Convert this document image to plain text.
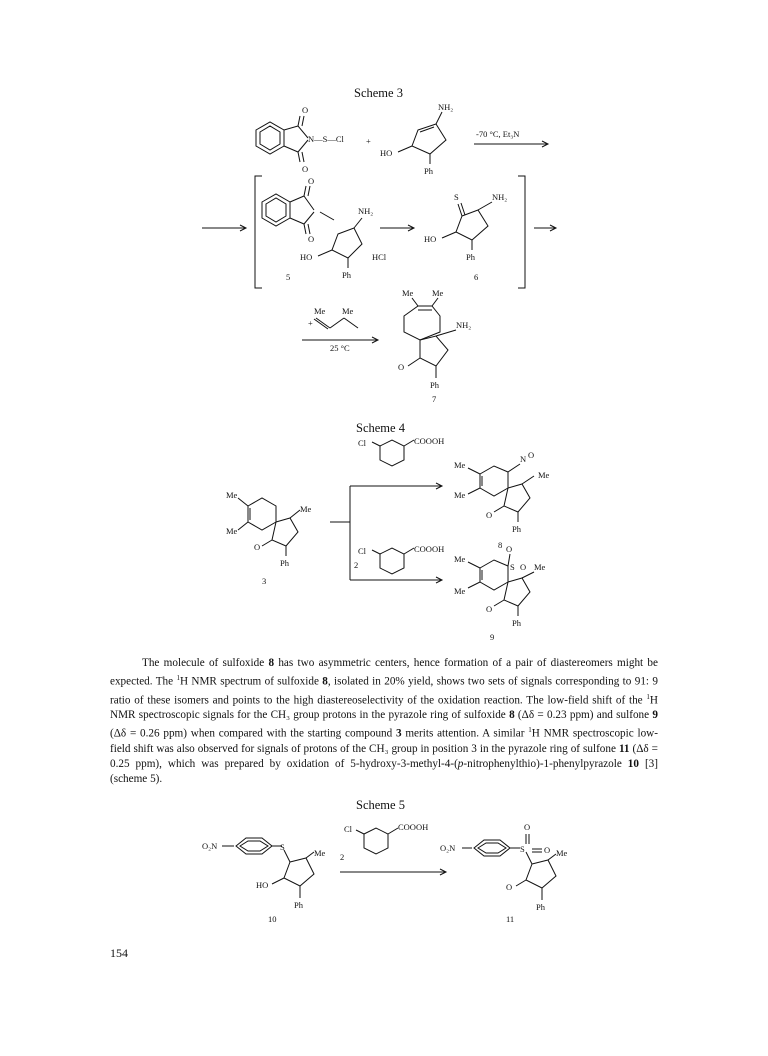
Scheme 3
O
O
N—S—Cl	+
NH₂
HO
Ph
-70 °C, Et₃N
O
O
NH₂
HO	HCl
Ph
5
S	NH₂
HO
Ph
6
Me Me
+
25 °C
Me Me
NH₂
O
Ph
7
Scheme 4
Cl	COOOH
Cl	COOOH
2
Me
Me
Me
O
Ph
3
Me
Me
N O
Me
O
Ph
8
Me
Me
O
S O Me
O
Ph
9

The molecule of sulfoxide 8 has two asymmetric centers, hence formation of a pair of diastereomers might be expected. The $^1$H NMR spectrum of sulfoxide 8, isolated in 20% yield, shows two sets of signals corresponding to 91: 9 ratio of these isomers and points to the high diastereoselectivity of the oxidation reaction. The low-field shift of the $^1$H NMR spectroscopic signals for the CH₃ group protons in the pyrazole ring of sulfoxide 8 (Δδ = 0.23 ppm) and sulfone 9 (Δδ = 0.26 ppm) when compared with the starting compound 3 merits attention. A similar $^1$H NMR spectroscopic low-field shift was also observed for signals of protons of the CH₃ group in position 3 in the pyrazole ring of sulfone 11 (Δδ = 0.25 ppm), which was prepared by oxidation of 5-hydroxy-3-methyl-4-(p-nitrophenylthio)-1-phenylpyrazole 10 [3] (scheme 5).

Scheme 5
O₂N	S
Me
HO
Ph
10
Cl	COOOH
2
O₂N
O
S O Me
O
Ph
11
154
